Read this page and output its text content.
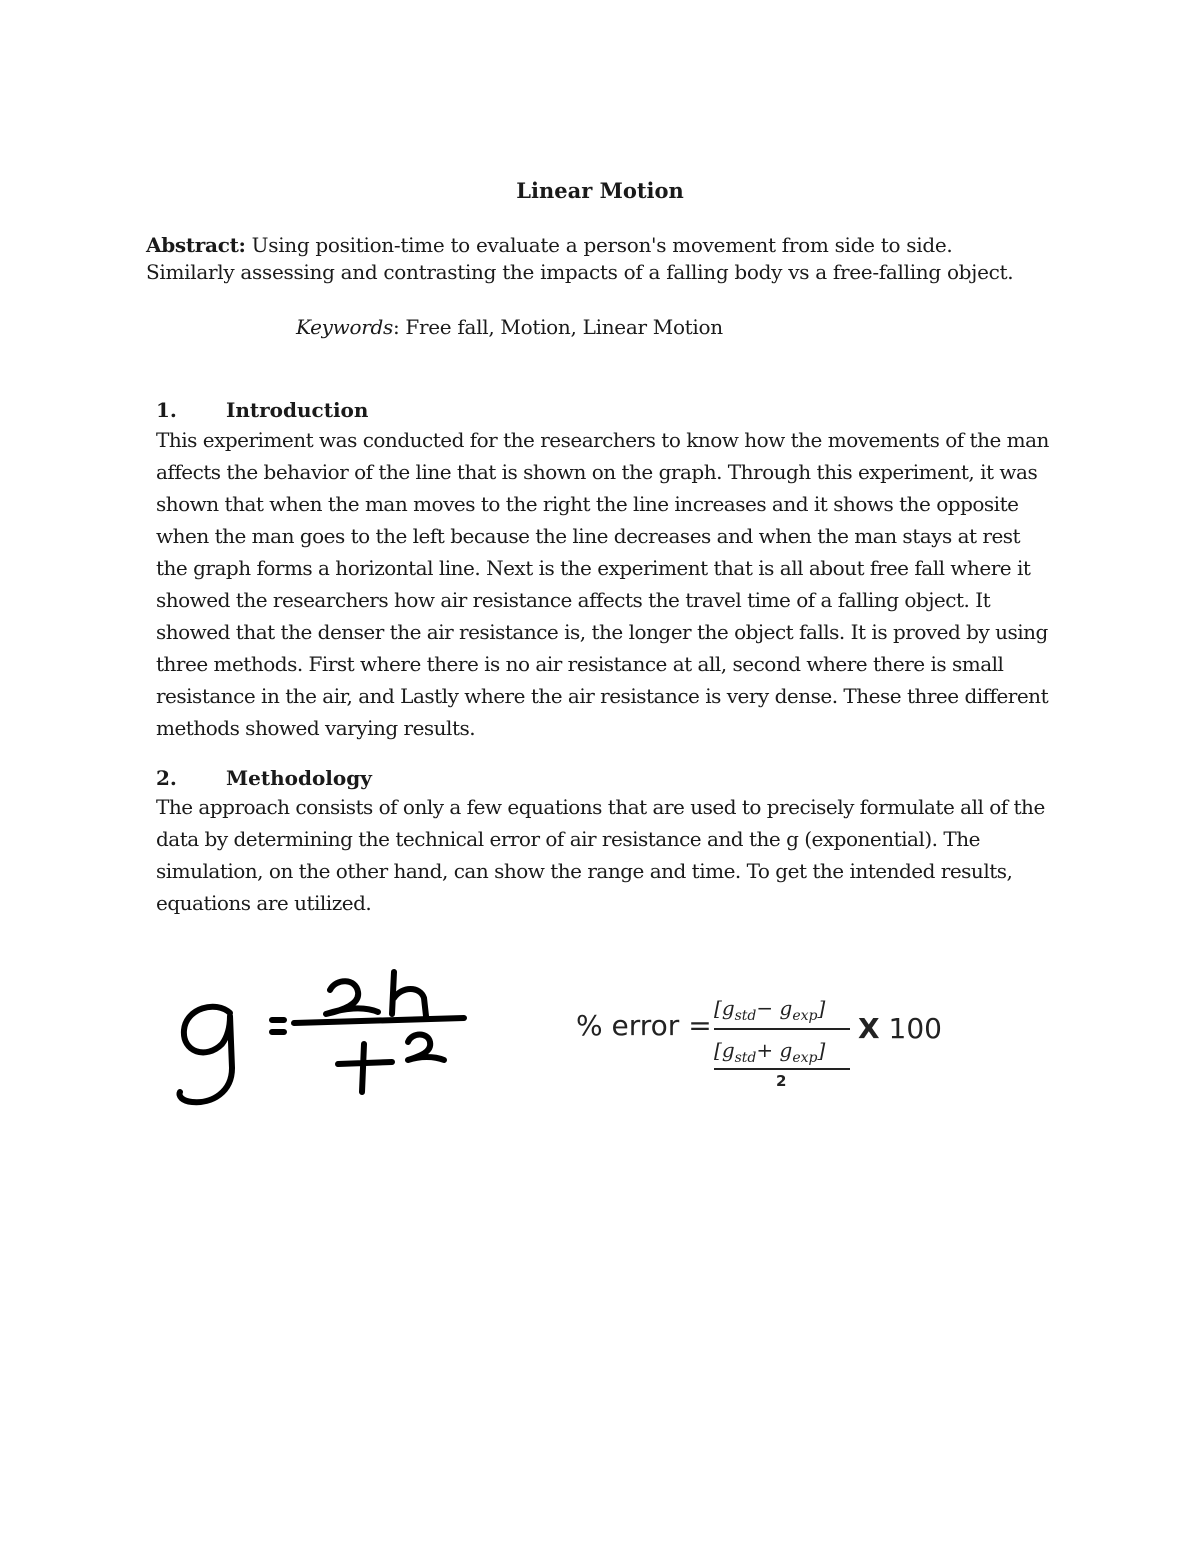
Linear Motion
Abstract: Using position-time to evaluate a person's movement from side to side. Similarly assessing and contrasting the impacts of a falling body vs a free-falling object.
Keywords: Free fall, Motion, Linear Motion
1. Introduction
This experiment was conducted for the researchers to know how the movements of the man affects the behavior of the line that is shown on the graph. Through this experiment, it was shown that when the man moves to the right the line increases and it shows the opposite when the man goes to the left because the line decreases and when the man stays at rest the graph forms a horizontal line. Next is the experiment that is all about free fall where it showed the researchers how air resistance affects the travel time of a falling object. It showed that the denser the air resistance is, the longer the object falls. It is proved by using three methods. First where there is no air resistance at all, second where there is small resistance in the air, and Lastly where the air resistance is very dense. These three different methods showed varying results.
2. Methodology
The approach consists of only a few equations that are used to precisely formulate all of the data by determining the technical error of air resistance and the g (exponential). The simulation, on the other hand, can show the range and time. To get the intended results, equations are utilized.
% error =
$[g_{std}- g_{exp}]$
$[g_{std}+ g_{exp}]$
2
X 100
